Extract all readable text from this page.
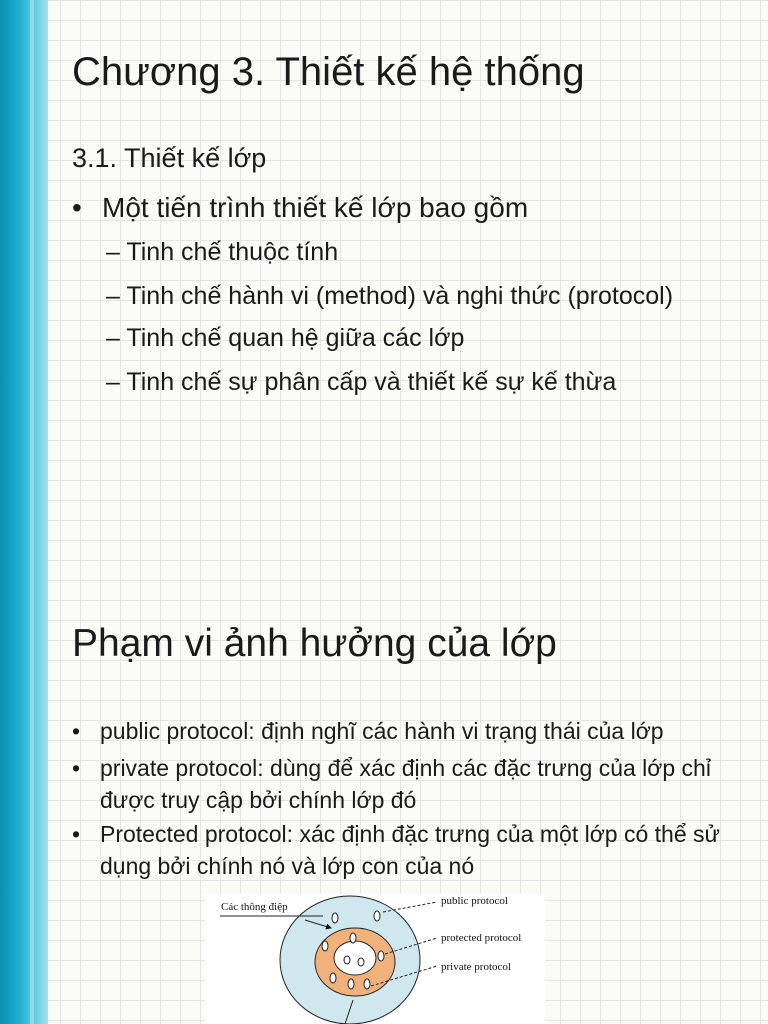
Chương 3. Thiết kế hệ thống
3.1. Thiết kế lớp
• Một tiến trình thiết kế lớp bao gồm
– Tinh chế thuộc tính
– Tinh chế hành vi (method) và nghi thức (protocol)
– Tinh chế quan hệ giữa các lớp
– Tinh chế sự phân cấp và thiết kế sự kế thừa
Phạm vi ảnh hưởng của lớp
• public protocol: định nghĩ các hành vi trạng thái của lớp
• private protocol: dùng để xác định các đặc trưng của lớp chỉ được truy cập bởi chính lớp đó
• Protected protocol: xác định đặc trưng của một lớp có thể sử dụng bởi chính nó và lớp con của nó
Các thông điệp	public protocol
protected protocol
private protocol
